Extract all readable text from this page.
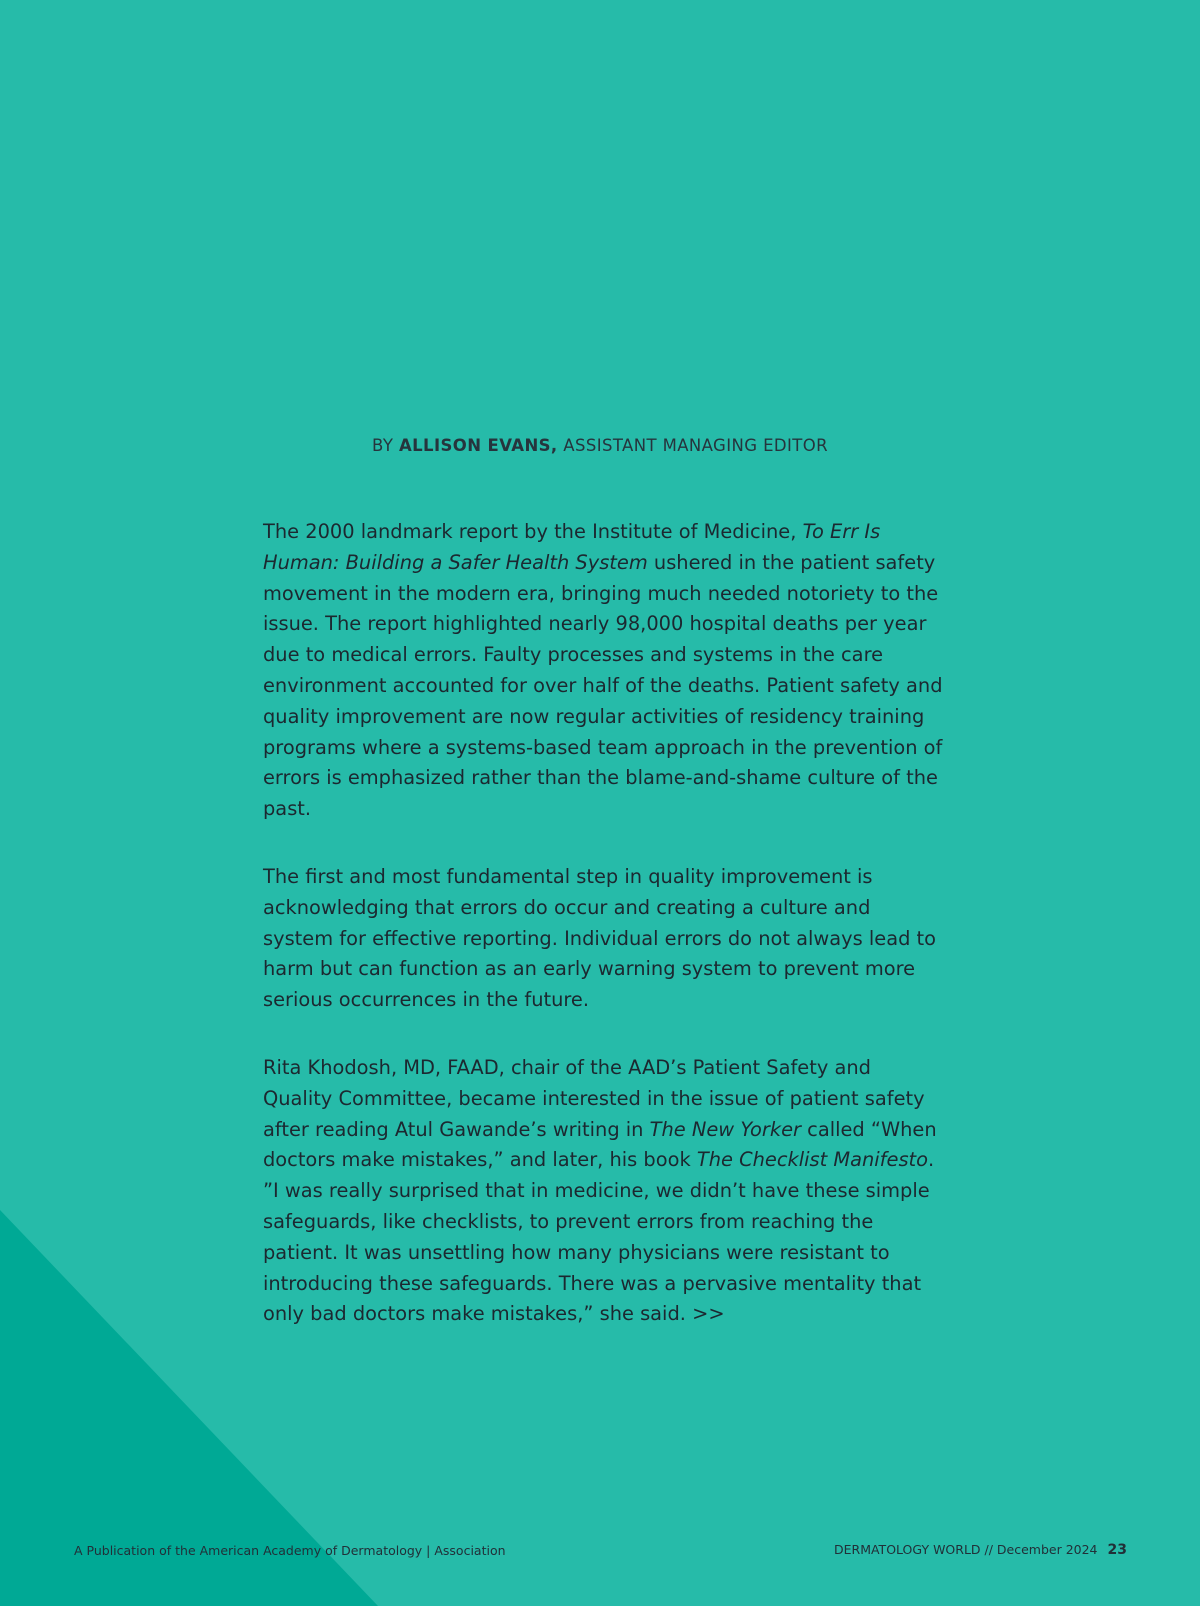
BY ALLISON EVANS, ASSISTANT MANAGING EDITOR

The 2000 landmark report by the Institute of Medicine, To Err Is Human: Building a Safer Health System ushered in the patient safety movement in the modern era, bringing much needed notoriety to the issue. The report highlighted nearly 98,000 hospital deaths per year due to medical errors. Faulty processes and systems in the care environment accounted for over half of the deaths. Patient safety and quality improvement are now regular activities of residency training programs where a systems-based team approach in the prevention of errors is emphasized rather than the blame-and-shame culture of the past.

The first and most fundamental step in quality improvement is acknowledging that errors do occur and creating a culture and system for effective reporting. Individual errors do not always lead to harm but can function as an early warning system to prevent more serious occurrences in the future.

Rita Khodosh, MD, FAAD, chair of the AAD’s Patient Safety and Quality Committee, became interested in the issue of patient safety after reading Atul Gawande’s writing in The New Yorker called “When doctors make mistakes,” and later, his book The Checklist Manifesto. ”I was really surprised that in medicine, we didn’t have these simple safeguards, like checklists, to prevent errors from reaching the patient. It was unsettling how many physicians were resistant to introducing these safeguards. There was a pervasive mentality that only bad doctors make mistakes,” she said. >>

A Publication of the American Academy of Dermatology | Association	DERMATOLOGY WORLD // December 2024 23
